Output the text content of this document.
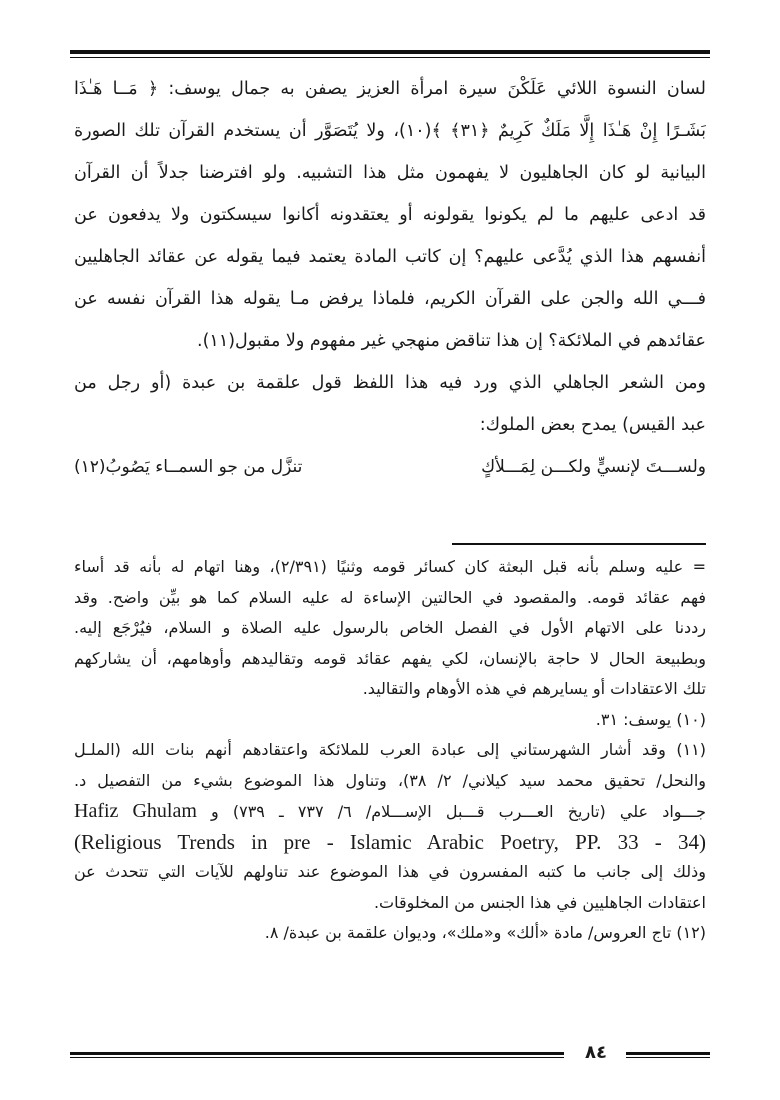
لسان النسوة اللائي عَلَكْنَ سيرة امرأة العزيز يصفن به جمال يوسف: ﴿ مَــا هَـٰذَا
بَشَـرًا إِنْ هَـٰذَا إِلَّا مَلَكٌ كَرِيمٌ ﴿٣١﴾ ﴾(١٠)، ولا يُتَصَوَّر أن يستخدم القرآن تلك الصورة
البيانية لو كان الجاهليون لا يفهمون مثل هذا التشبيه. ولو افترضنا جدلاً أن القرآن
قد ادعى عليهم ما لم يكونوا يقولونه أو يعتقدونه أكانوا سيسكتون ولا يدفعون عن
أنفسهم هذا الذي يُدَّعى عليهم؟ إن كاتب المادة يعتمد فيما يقوله عن عقائد الجاهليين
فـــي الله والجن على القرآن الكريم، فلماذا يرفض مـا يقوله هذا القرآن نفسه عن
عقائدهم في الملائكة؟ إن هذا تناقض منهجي غير مفهوم ولا مقبول(١١).
ومن الشعر الجاهلي الذي ورد فيه هذا اللفظ قول علقمة بن عبدة (أو رجل من
عبد القيس) يمدح بعض الملوك:
ولســـتَ لإنسيٍّ ولكـــن لِمَـــلأكٍ
تنزَّل من جو السمــاء يَصُوبُ(١٢)
= عليه وسلم بأنه قبل البعثة كان كسائر قومه وثنيًا (٢/٣٩١)، وهنا اتهام له بأنه قد أساء
فهم عقائد قومه. والمقصود في الحالتين الإساءة له عليه السلام كما هو بيِّن واضح. وقد
رددنا على الاتهام الأول في الفصل الخاص بالرسول عليه الصلاة و السلام، فيُرْجَع إليه.
وبطبيعة الحال لا حاجة بالإنسان، لكي يفهم عقائد قومه وتقاليدهم وأوهامهم، أن يشاركهم
تلك الاعتقادات أو يسايرهم في هذه الأوهام والتقاليد.
(١٠) يوسف: ٣١.
(١١) وقد أشار الشهرستاني إلى عبادة العرب للملائكة واعتقادهم أنهم بنات الله (الملـل
والنحل/ تحقيق محمد سيد كيلاني/ ٢/ ٣٨)، وتناول هذا الموضوع بشيء من التفصيل د.
جـــواد علي (تاريخ العـــرب قـــبل الإســـلام/ ٦/ ٧٣٧ ـ ٧٣٩) و Hafiz Ghulam
(Religious Trends in pre - Islamic Arabic Poetry, PP. 33 - 34)
وذلك إلى جانب ما كتبه المفسرون في هذا الموضوع عند تناولهم للآيات التي تتحدث عن
اعتقادات الجاهليين في هذا الجنس من المخلوقات.
(١٢) تاج العروس/ مادة «ألك» و«ملك»، وديوان علقمة بن عبدة/ ٨.
٨٤
